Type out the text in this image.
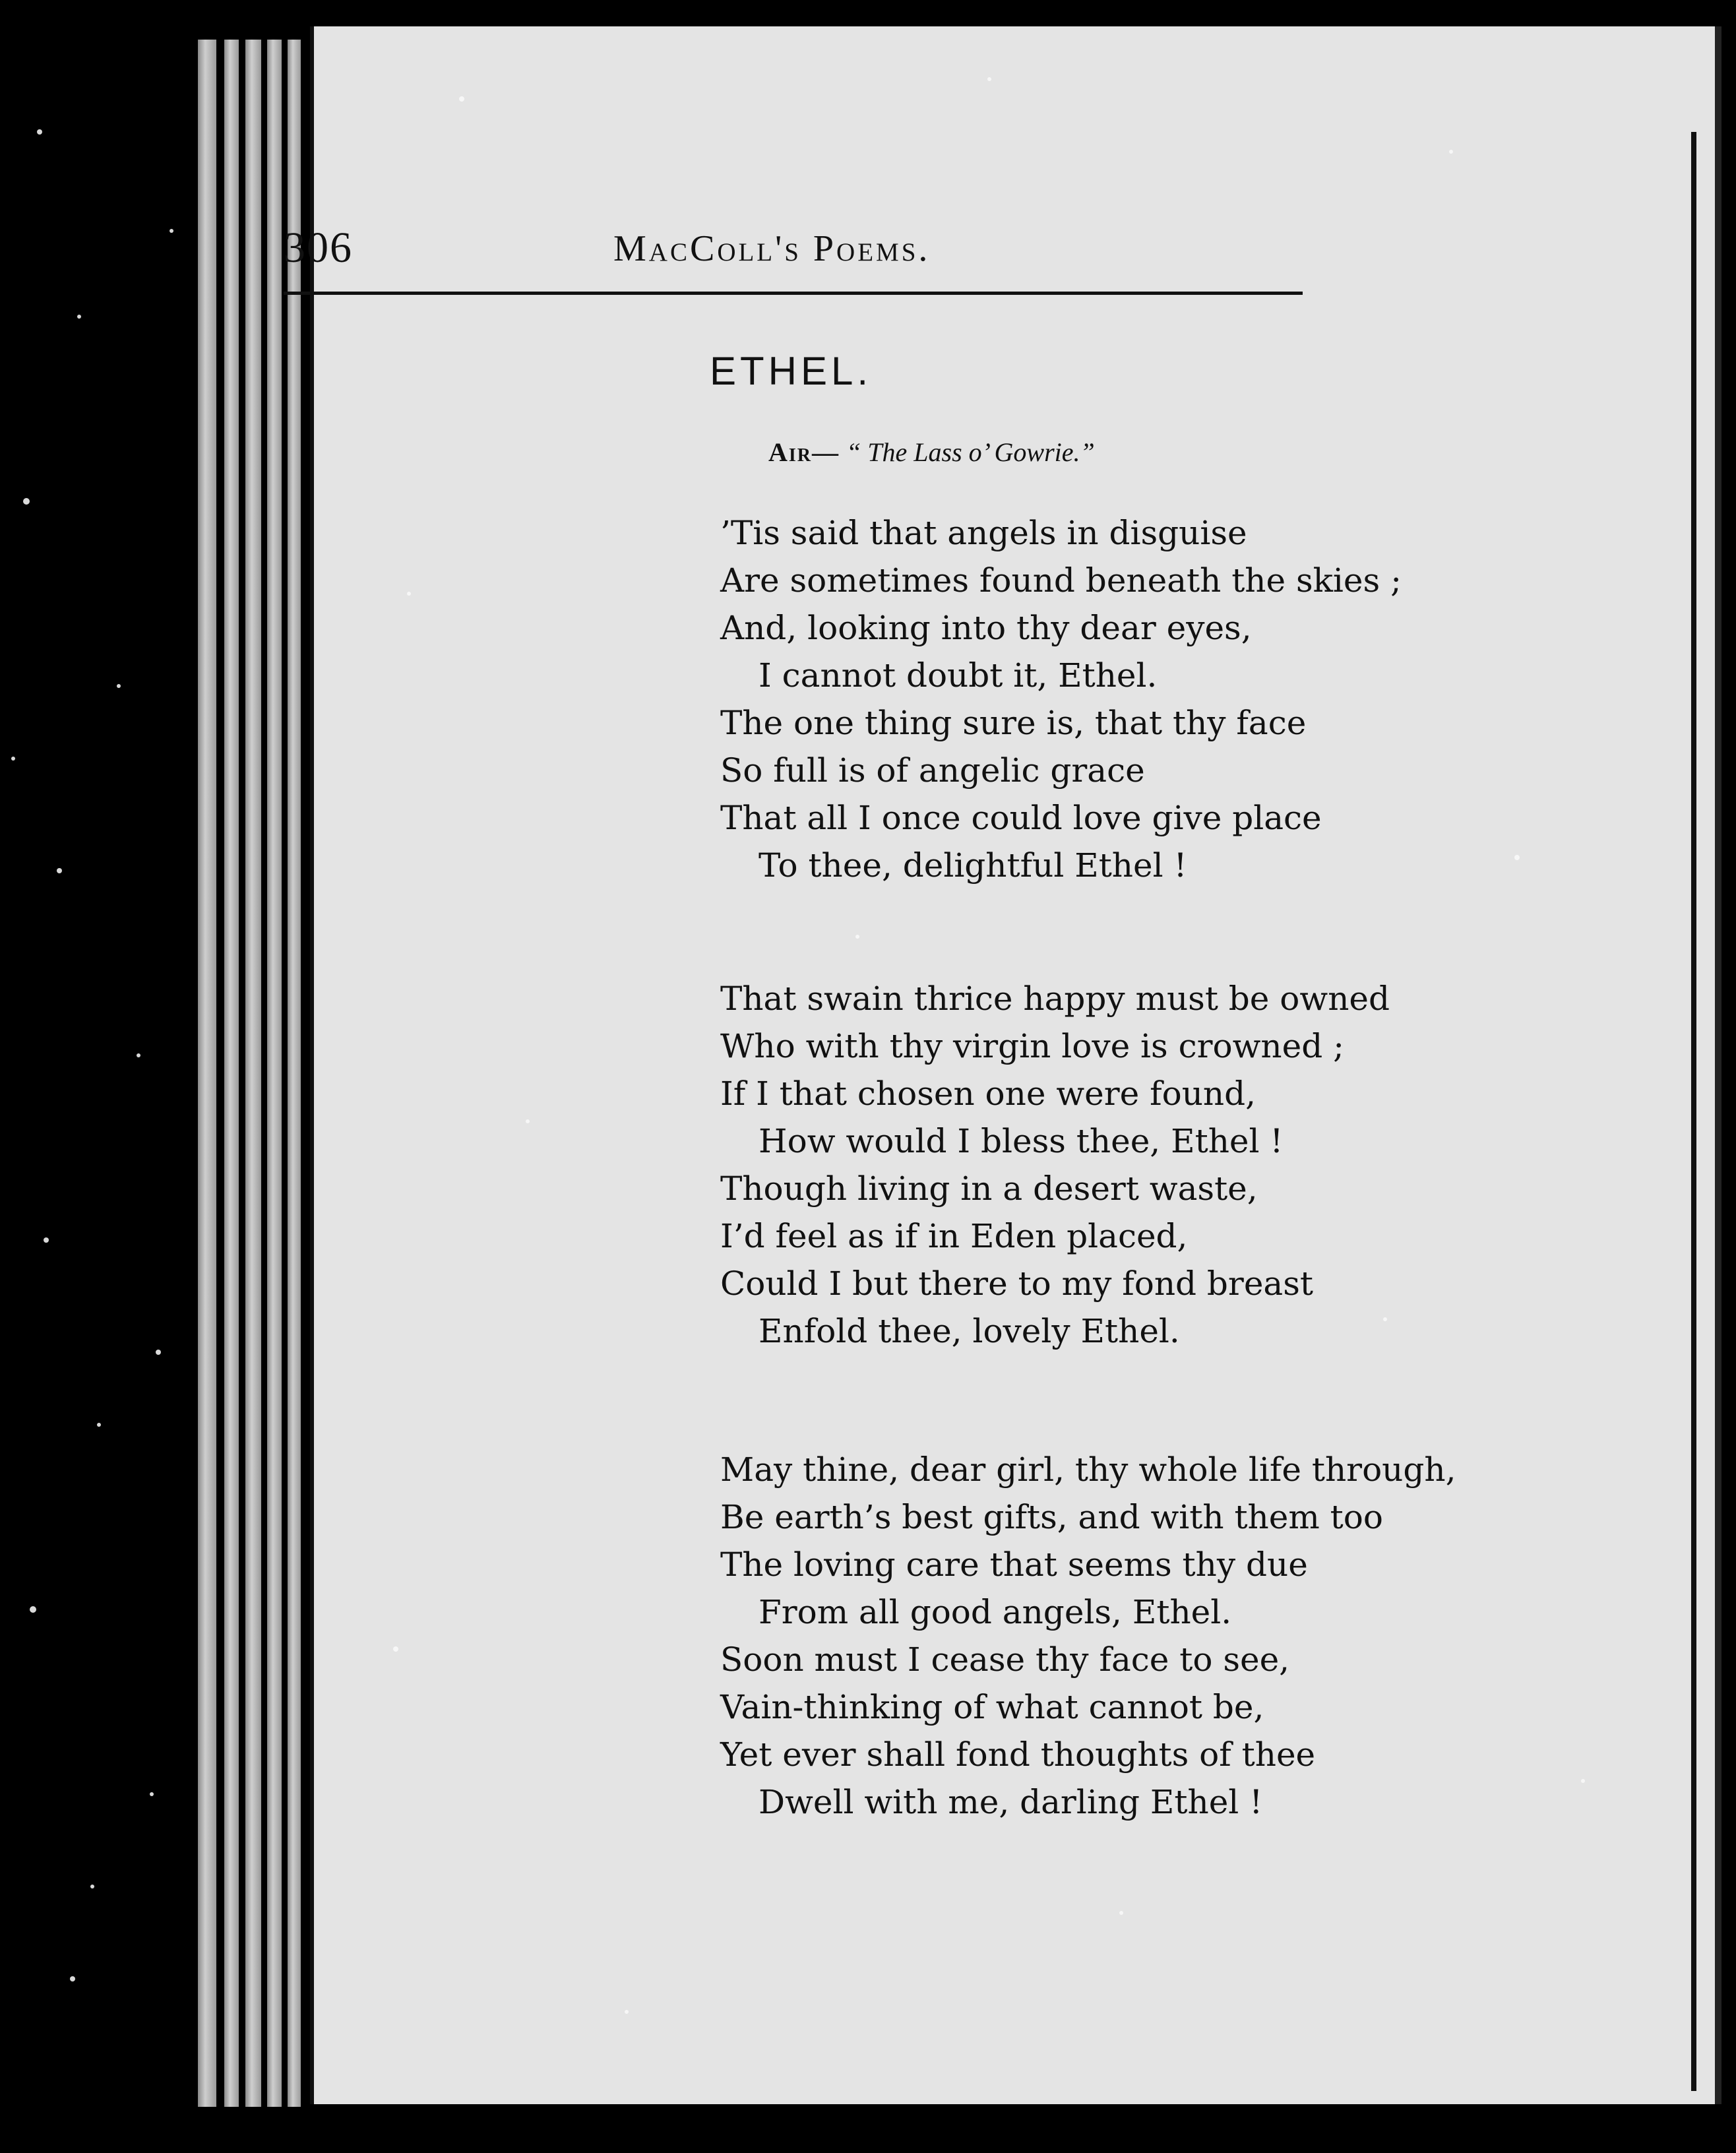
306	MacColl's Poems.
ETHEL.
Air— “ The Lass o’ Gowrie.”
’Tis said that angels in disguise
Are sometimes found beneath the skies ;
And, looking into thy dear eyes,
I cannot doubt it, Ethel.
The one thing sure is, that thy face
So full is of angelic grace
That all I once could love give place
To thee, delightful Ethel !
That swain thrice happy must be owned
Who with thy virgin love is crowned ;
If I that chosen one were found,
How would I bless thee, Ethel !
Though living in a desert waste,
I’d feel as if in Eden placed,
Could I but there to my fond breast
Enfold thee, lovely Ethel.
May thine, dear girl, thy whole life through,
Be earth’s best gifts, and with them too
The loving care that seems thy due
From all good angels, Ethel.
Soon must I cease thy face to see,
Vain-thinking of what cannot be,
Yet ever shall fond thoughts of thee
Dwell with me, darling Ethel !
